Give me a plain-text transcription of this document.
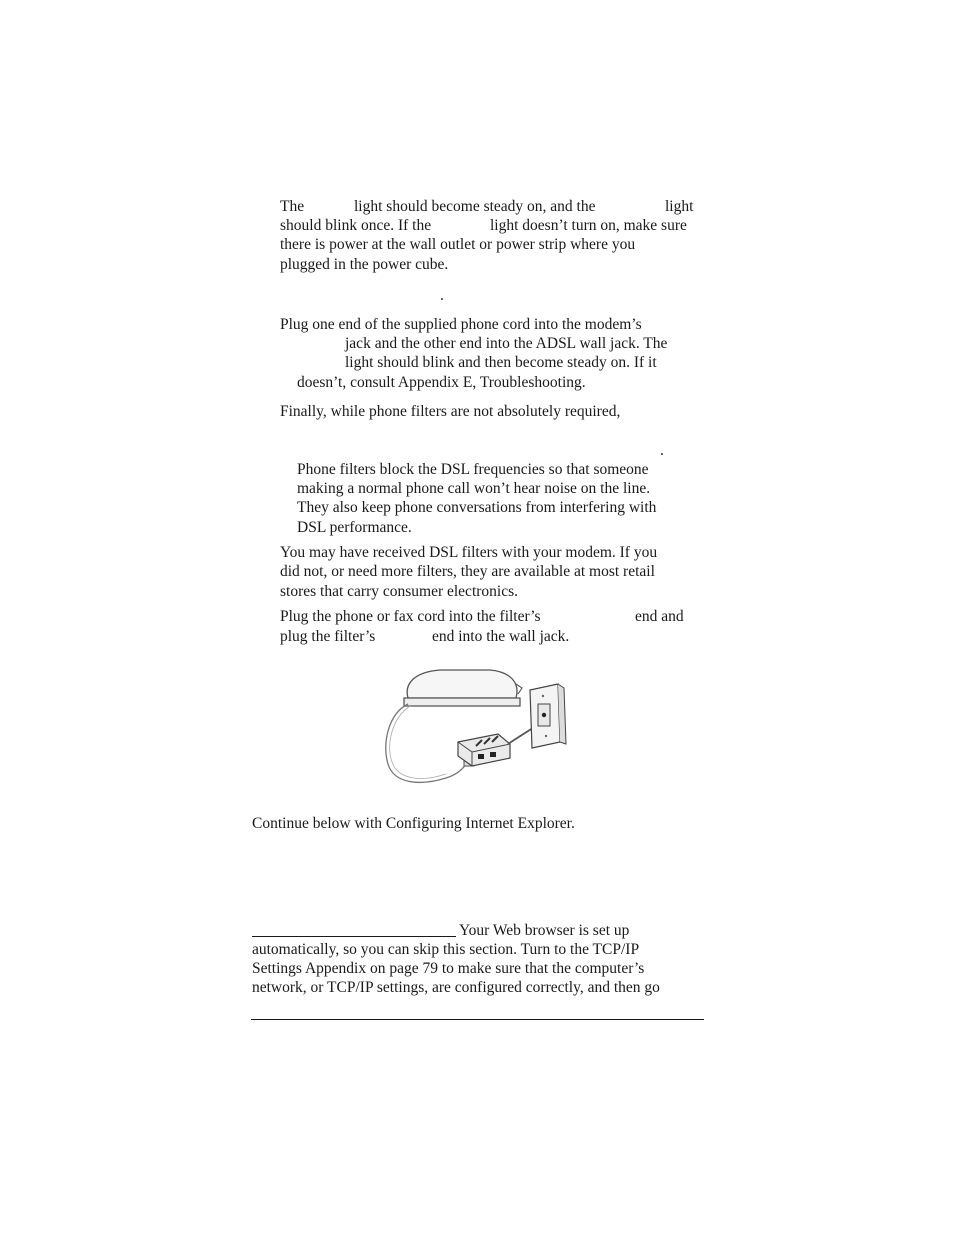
The	light should become steady on, and the	light
should blink once. If the	light doesn’t turn on, make sure
there is power at the wall outlet or power strip where you
plugged in the power cube.
.
Plug one end of the supplied phone cord into the modem’s
jack and the other end into the ADSL wall jack. The
light should blink and then become steady on. If it
doesn’t, consult Appendix E, Troubleshooting.
Finally, while phone filters are not absolutely required,
.
Phone filters block the DSL frequencies so that someone
making a normal phone call won’t hear noise on the line.
They also keep phone conversations from interfering with
DSL performance.
You may have received DSL filters with your modem. If you
did not, or need more filters, they are available at most retail
stores that carry consumer electronics.
Plug the phone or fax cord into the filter’s	end and
plug the filter’s	end into the wall jack.
Continue below with Configuring Internet Explorer.
Your Web browser is set up
automatically, so you can skip this section. Turn to the TCP/IP
Settings Appendix on page 79 to make sure that the computer’s
network, or TCP/IP settings, are configured correctly, and then go
